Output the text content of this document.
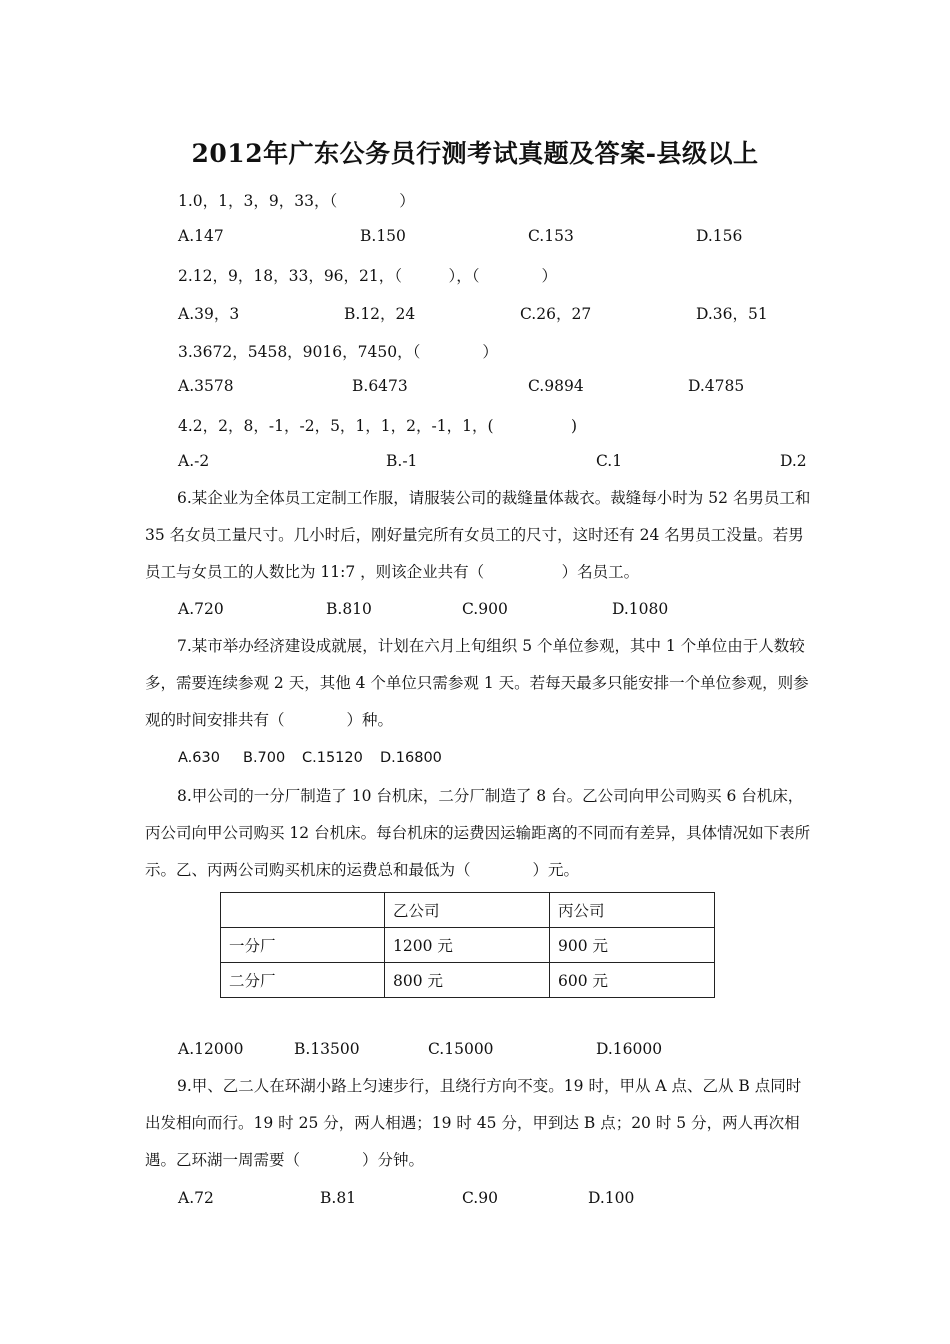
2012年广东公务员行测考试真题及答案-县级以上
1.0，1，3，9，33，（　　　　）
A.147	B.150	C.153	D.156
2.12，9，18，33，96，21，（　　　），（　　　　）
A.39，3	B.12，24	C.26，27	D.36，51
3.3672，5458，9016，7450，（　　　　）
A.3578	B.6473	C.9894	D.4785
4.2，2，8，-1，-2，5，1，1，2，-1，1，(　　　　　)
A.-2	B.-1	C.1	D.2
6.某企业为全体员工定制工作服，请服装公司的裁缝量体裁衣。裁缝每小时为 52 名男员工和 35 名女员工量尺寸。几小时后，刚好量完所有女员工的尺寸，这时还有 24 名男员工没量。若男员工与女员工的人数比为 11:7 ，则该企业共有（　　　　　）名员工。
A.720	B.810	C.900	D.1080
7.某市举办经济建设成就展，计划在六月上旬组织 5 个单位参观，其中 1 个单位由于人数较多，需要连续参观 2 天，其他 4 个单位只需参观 1 天。若每天最多只能安排一个单位参观，则参观的时间安排共有（　　　　）种。
A.630 B.700 C.15120 D.16800
8.甲公司的一分厂制造了 10 台机床，二分厂制造了 8 台。乙公司向甲公司购买 6 台机床，丙公司向甲公司购买 12 台机床。每台机床的运费因运输距离的不同而有差异，具体情况如下表所示。乙、丙两公司购买机床的运费总和最低为（　　　　）元。
	乙公司	丙公司
一分厂	1200 元	900 元
二分厂	800 元	600 元
A.12000	B.13500	C.15000	D.16000
9.甲、乙二人在环湖小路上匀速步行，且绕行方向不变。19 时，甲从 A 点、乙从 B 点同时出发相向而行。19 时 25 分，两人相遇；19 时 45 分，甲到达 B 点；20 时 5 分，两人再次相遇。乙环湖一周需要（　　　　）分钟。
A.72	B.81	C.90	D.100
